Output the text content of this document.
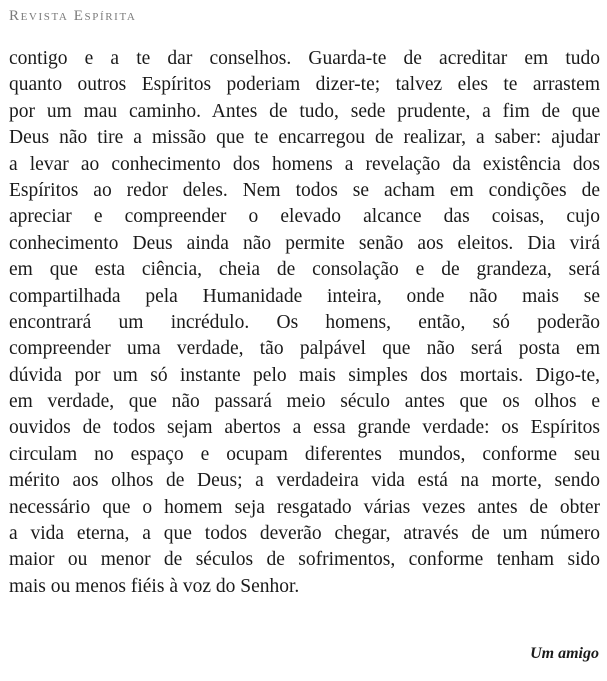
Revista Espírita
contigo e a te dar conselhos. Guarda-te de acreditar em tudo
quanto outros Espíritos poderiam dizer-te; talvez eles te arrastem
por um mau caminho. Antes de tudo, sede prudente, a fim de que
Deus não tire a missão que te encarregou de realizar, a saber: ajudar
a levar ao conhecimento dos homens a revelação da existência dos
Espíritos ao redor deles. Nem todos se acham em condições de
apreciar e compreender o elevado alcance das coisas, cujo
conhecimento Deus ainda não permite senão aos eleitos. Dia virá
em que esta ciência, cheia de consolação e de grandeza, será
compartilhada pela Humanidade inteira, onde não mais se
encontrará um incrédulo. Os homens, então, só poderão
compreender uma verdade, tão palpável que não será posta em
dúvida por um só instante pelo mais simples dos mortais. Digo-te,
em verdade, que não passará meio século antes que os olhos e
ouvidos de todos sejam abertos a essa grande verdade: os Espíritos
circulam no espaço e ocupam diferentes mundos, conforme seu
mérito aos olhos de Deus; a verdadeira vida está na morte, sendo
necessário que o homem seja resgatado várias vezes antes de obter
a vida eterna, a que todos deverão chegar, através de um número
maior ou menor de séculos de sofrimentos, conforme tenham sido
mais ou menos fiéis à voz do Senhor.
Um amigo
